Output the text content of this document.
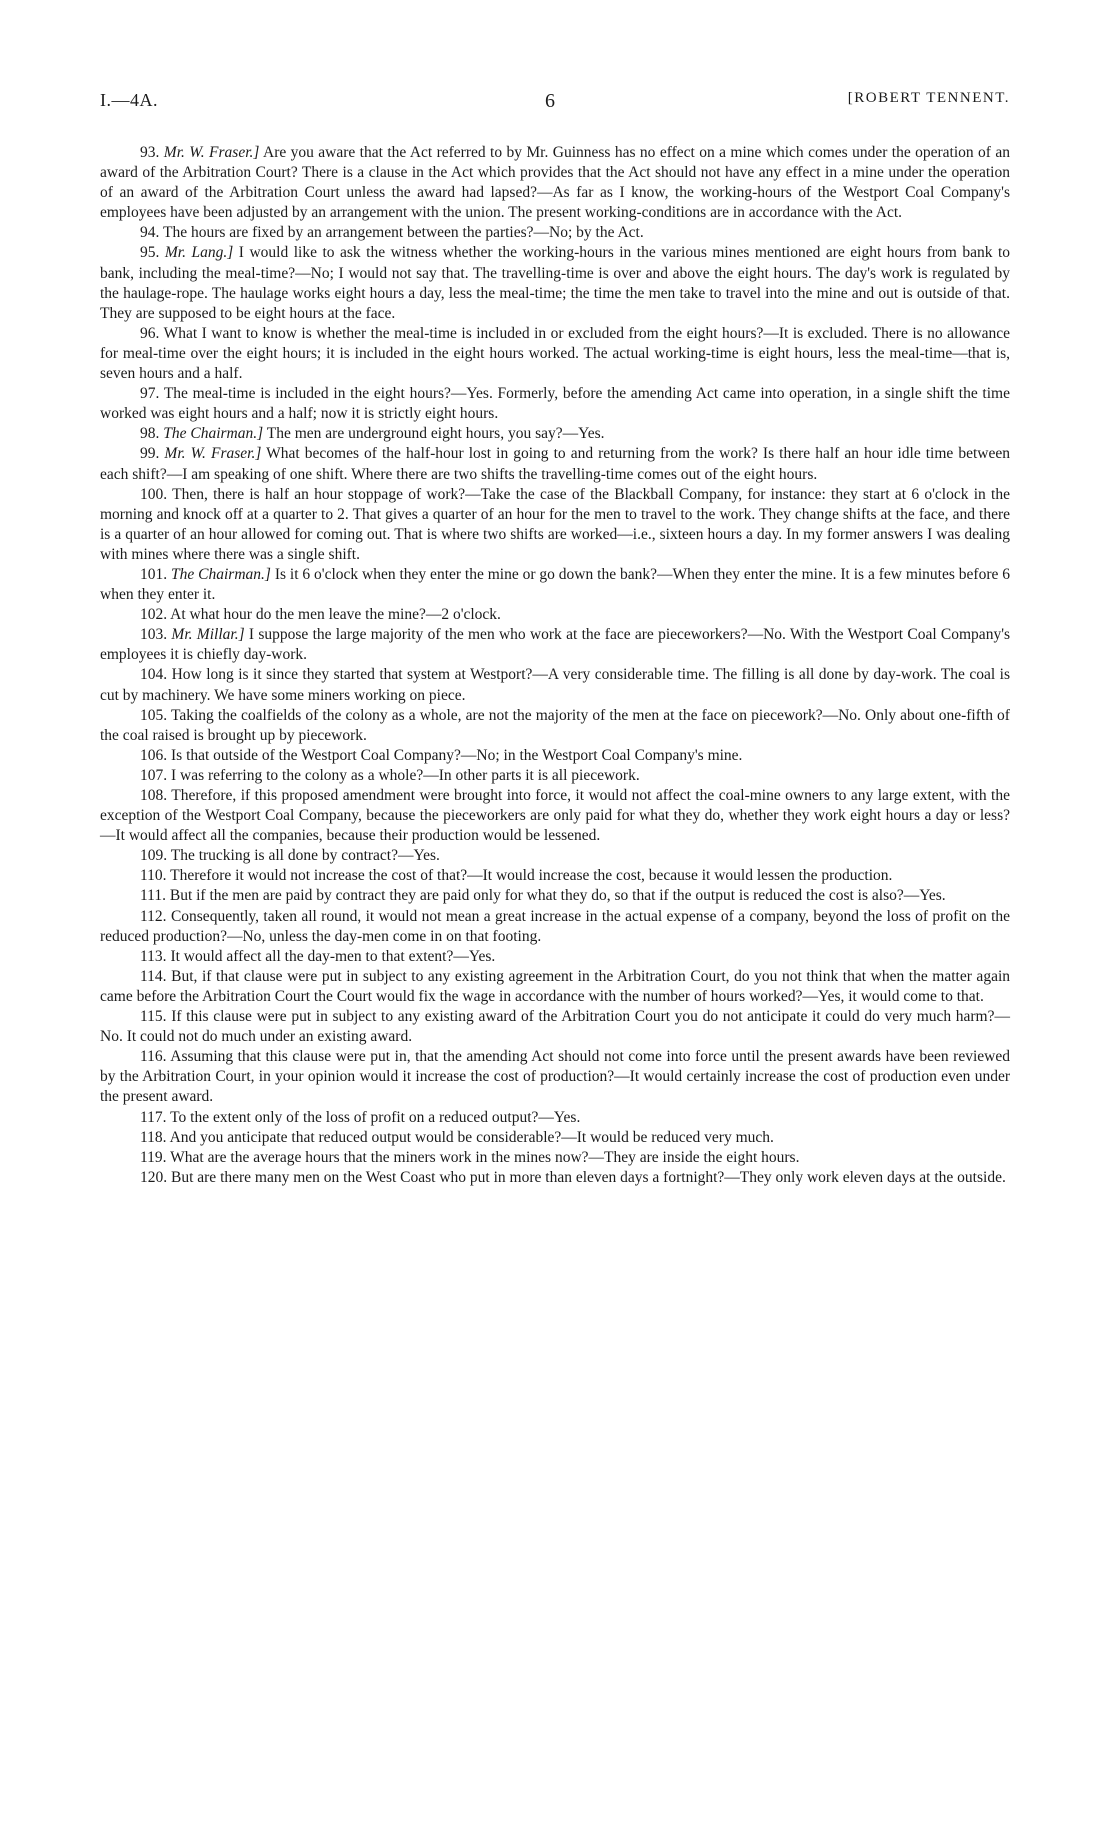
I.—4A.	6	[ROBERT TENNENT.

93. Mr. W. Fraser.] Are you aware that the Act referred to by Mr. Guinness has no effect on a mine which comes under the operation of an award of the Arbitration Court? There is a clause in the Act which provides that the Act should not have any effect in a mine under the operation of an award of the Arbitration Court unless the award had lapsed?—As far as I know, the working-hours of the Westport Coal Company's employees have been adjusted by an arrangement with the union. The present working-conditions are in accordance with the Act.

94. The hours are fixed by an arrangement between the parties?—No; by the Act.

95. Mr. Lang.] I would like to ask the witness whether the working-hours in the various mines mentioned are eight hours from bank to bank, including the meal-time?—No; I would not say that. The travelling-time is over and above the eight hours. The day's work is regulated by the haulage-rope. The haulage works eight hours a day, less the meal-time; the time the men take to travel into the mine and out is outside of that. They are supposed to be eight hours at the face.

96. What I want to know is whether the meal-time is included in or excluded from the eight hours?—It is excluded. There is no allowance for meal-time over the eight hours; it is included in the eight hours worked. The actual working-time is eight hours, less the meal-time—that is, seven hours and a half.

97. The meal-time is included in the eight hours?—Yes. Formerly, before the amending Act came into operation, in a single shift the time worked was eight hours and a half; now it is strictly eight hours.

98. The Chairman.] The men are underground eight hours, you say?—Yes.

99. Mr. W. Fraser.] What becomes of the half-hour lost in going to and returning from the work? Is there half an hour idle time between each shift?—I am speaking of one shift. Where there are two shifts the travelling-time comes out of the eight hours.

100. Then, there is half an hour stoppage of work?—Take the case of the Blackball Company, for instance: they start at 6 o'clock in the morning and knock off at a quarter to 2. That gives a quarter of an hour for the men to travel to the work. They change shifts at the face, and there is a quarter of an hour allowed for coming out. That is where two shifts are worked—i.e., sixteen hours a day. In my former answers I was dealing with mines where there was a single shift.

101. The Chairman.] Is it 6 o'clock when they enter the mine or go down the bank?—When they enter the mine. It is a few minutes before 6 when they enter it.

102. At what hour do the men leave the mine?—2 o'clock.

103. Mr. Millar.] I suppose the large majority of the men who work at the face are pieceworkers?—No. With the Westport Coal Company's employees it is chiefly day-work.

104. How long is it since they started that system at Westport?—A very considerable time. The filling is all done by day-work. The coal is cut by machinery. We have some miners working on piece.

105. Taking the coalfields of the colony as a whole, are not the majority of the men at the face on piecework?—No. Only about one-fifth of the coal raised is brought up by piecework.

106. Is that outside of the Westport Coal Company?—No; in the Westport Coal Company's mine.

107. I was referring to the colony as a whole?—In other parts it is all piecework.

108. Therefore, if this proposed amendment were brought into force, it would not affect the coal-mine owners to any large extent, with the exception of the Westport Coal Company, because the pieceworkers are only paid for what they do, whether they work eight hours a day or less?—It would affect all the companies, because their production would be lessened.

109. The trucking is all done by contract?—Yes.

110. Therefore it would not increase the cost of that?—It would increase the cost, because it would lessen the production.

111. But if the men are paid by contract they are paid only for what they do, so that if the output is reduced the cost is also?—Yes.

112. Consequently, taken all round, it would not mean a great increase in the actual expense of a company, beyond the loss of profit on the reduced production?—No, unless the day-men come in on that footing.

113. It would affect all the day-men to that extent?—Yes.

114. But, if that clause were put in subject to any existing agreement in the Arbitration Court, do you not think that when the matter again came before the Arbitration Court the Court would fix the wage in accordance with the number of hours worked?—Yes, it would come to that.

115. If this clause were put in subject to any existing award of the Arbitration Court you do not anticipate it could do very much harm?—No. It could not do much under an existing award.

116. Assuming that this clause were put in, that the amending Act should not come into force until the present awards have been reviewed by the Arbitration Court, in your opinion would it increase the cost of production?—It would certainly increase the cost of production even under the present award.

117. To the extent only of the loss of profit on a reduced output?—Yes.

118. And you anticipate that reduced output would be considerable?—It would be reduced very much.

119. What are the average hours that the miners work in the mines now?—They are inside the eight hours.

120. But are there many men on the West Coast who put in more than eleven days a fortnight?—They only work eleven days at the outside.
